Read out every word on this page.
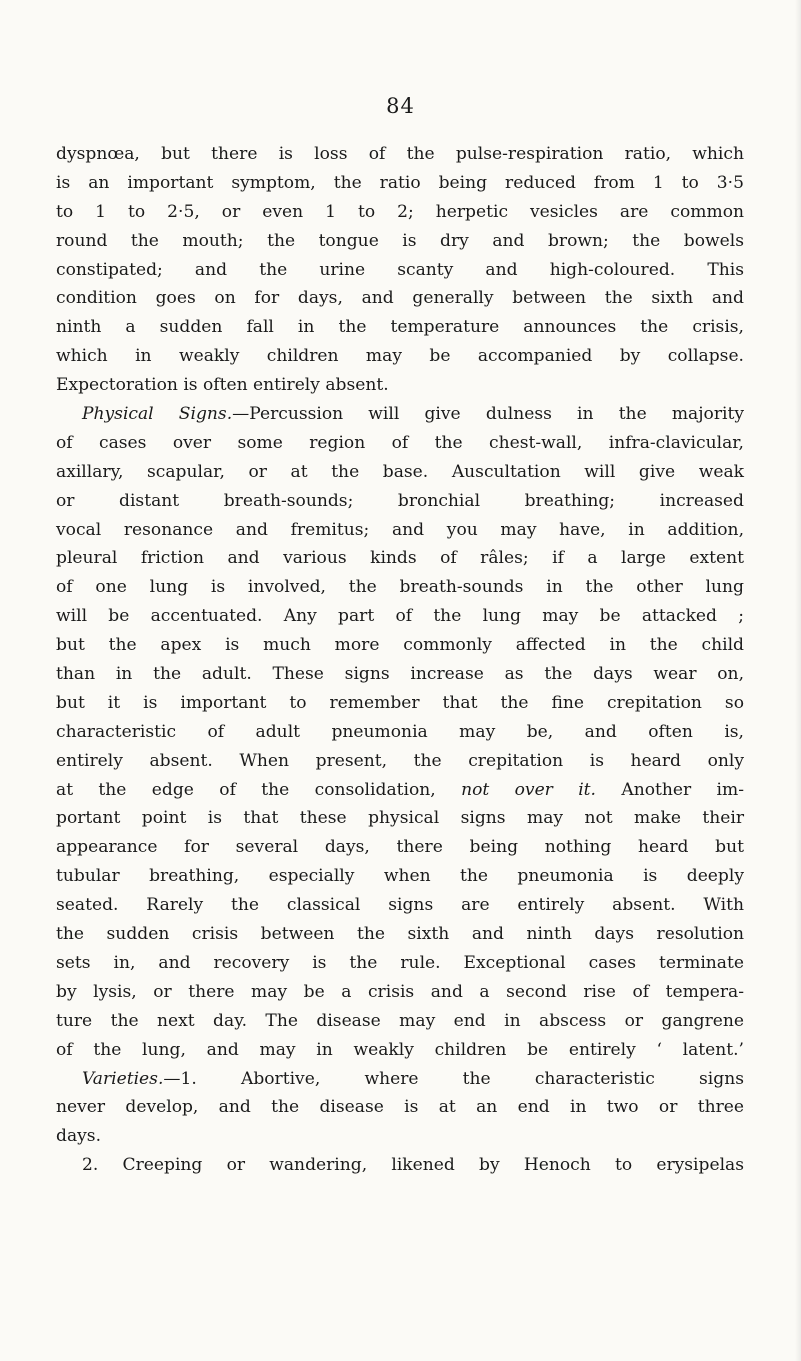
84
dyspnœa, but there is loss of the pulse-respiration ratio, which
is an important symptom, the ratio being reduced from 1 to 3·5
to 1 to 2·5, or even 1 to 2; herpetic vesicles are common
round the mouth; the tongue is dry and brown; the bowels
constipated; and the urine scanty and high-coloured. This
condition goes on for days, and generally between the sixth and
ninth a sudden fall in the temperature announces the crisis,
which in weakly children may be accompanied by collapse.
Expectoration is often entirely absent.
Physical Signs.—Percussion will give dulness in the majority
of cases over some region of the chest-wall, infra-clavicular,
axillary, scapular, or at the base. Auscultation will give weak
or distant breath-sounds; bronchial breathing; increased
vocal resonance and fremitus; and you may have, in addition,
pleural friction and various kinds of râles; if a large extent
of one lung is involved, the breath-sounds in the other lung
will be accentuated. Any part of the lung may be attacked ;
but the apex is much more commonly affected in the child
than in the adult. These signs increase as the days wear on,
but it is important to remember that the fine crepitation so
characteristic of adult pneumonia may be, and often is,
entirely absent. When present, the crepitation is heard only
at the edge of the consolidation, not over it. Another im-
portant point is that these physical signs may not make their
appearance for several days, there being nothing heard but
tubular breathing, especially when the pneumonia is deeply
seated. Rarely the classical signs are entirely absent. With
the sudden crisis between the sixth and ninth days resolution
sets in, and recovery is the rule. Exceptional cases terminate
by lysis, or there may be a crisis and a second rise of tempera-
ture the next day. The disease may end in abscess or gangrene
of the lung, and may in weakly children be entirely ‘ latent.’
Varieties.—1. Abortive, where the characteristic signs
never develop, and the disease is at an end in two or three
days.
2. Creeping or wandering, likened by Henoch to erysipelas
